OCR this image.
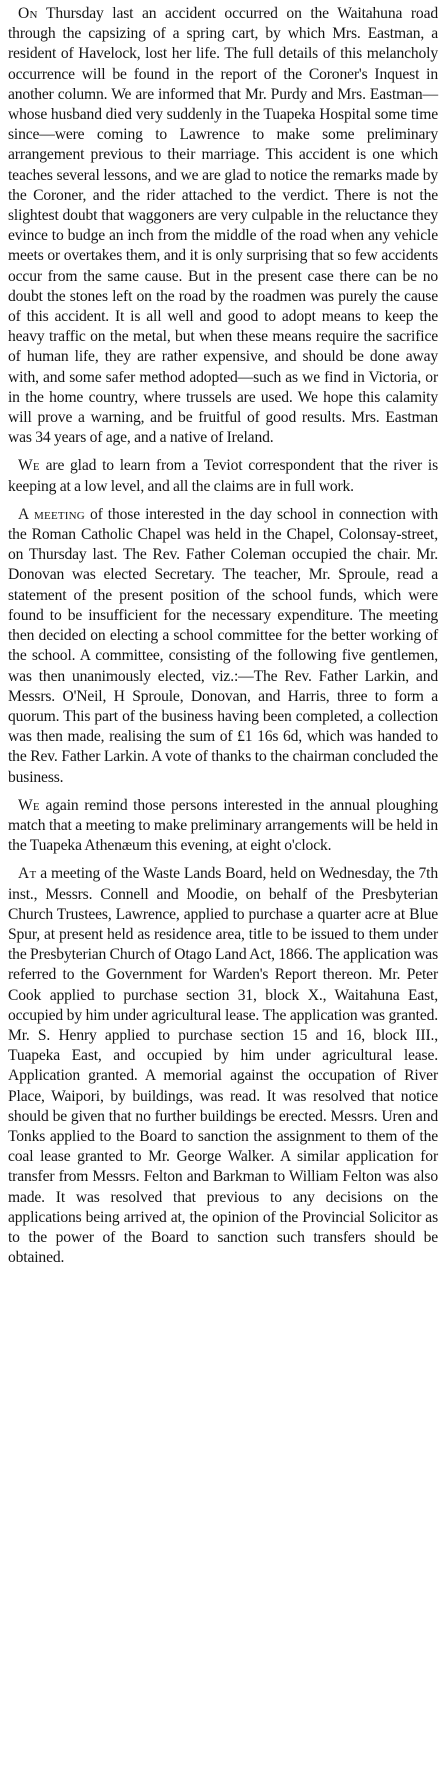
On Thursday last an accident occurred on the Waitahuna road through the capsizing of a spring cart, by which Mrs. Eastman, a resident of Havelock, lost her life. The full details of this melancholy occurrence will be found in the report of the Coroner's Inquest in another column. We are informed that Mr. Purdy and Mrs. Eastman—whose husband died very suddenly in the Tuapeka Hospital some time since—were coming to Lawrence to make some preliminary arrangement previous to their marriage. This accident is one which teaches several lessons, and we are glad to notice the remarks made by the Coroner, and the rider attached to the verdict. There is not the slightest doubt that waggoners are very culpable in the reluctance they evince to budge an inch from the middle of the road when any vehicle meets or overtakes them, and it is only surprising that so few accidents occur from the same cause. But in the present case there can be no doubt the stones left on the road by the roadmen was purely the cause of this accident. It is all well and good to adopt means to keep the heavy traffic on the metal, but when these means require the sacrifice of human life, they are rather expensive, and should be done away with, and some safer method adopted—such as we find in Victoria, or in the home country, where trussels are used. We hope this calamity will prove a warning, and be fruitful of good results. Mrs. Eastman was 34 years of age, and a native of Ireland.

We are glad to learn from a Teviot correspondent that the river is keeping at a low level, and all the claims are in full work.

A meeting of those interested in the day school in connection with the Roman Catholic Chapel was held in the Chapel, Colonsay-street, on Thursday last. The Rev. Father Coleman occupied the chair. Mr. Donovan was elected Secretary. The teacher, Mr. Sproule, read a statement of the present position of the school funds, which were found to be insufficient for the necessary expenditure. The meeting then decided on electing a school committee for the better working of the school. A committee, consisting of the following five gentlemen, was then unanimously elected, viz.:—The Rev. Father Larkin, and Messrs. O'Neil, H Sproule, Donovan, and Harris, three to form a quorum. This part of the business having been completed, a collection was then made, realising the sum of £1 16s 6d, which was handed to the Rev. Father Larkin. A vote of thanks to the chairman concluded the business.

We again remind those persons interested in the annual ploughing match that a meeting to make preliminary arrangements will be held in the Tuapeka Athenæum this evening, at eight o'clock.

At a meeting of the Waste Lands Board, held on Wednesday, the 7th inst., Messrs. Connell and Moodie, on behalf of the Presbyterian Church Trustees, Lawrence, applied to purchase a quarter acre at Blue Spur, at present held as residence area, title to be issued to them under the Presbyterian Church of Otago Land Act, 1866. The application was referred to the Government for Warden's Report thereon. Mr. Peter Cook applied to purchase section 31, block X., Waitahuna East, occupied by him under agricultural lease. The application was granted. Mr. S. Henry applied to purchase section 15 and 16, block III., Tuapeka East, and occupied by him under agricultural lease. Application granted. A memorial against the occupation of River Place, Waipori, by buildings, was read. It was resolved that notice should be given that no further buildings be erected. Messrs. Uren and Tonks applied to the Board to sanction the assignment to them of the coal lease granted to Mr. George Walker. A similar application for transfer from Messrs. Felton and Barkman to William Felton was also made. It was resolved that previous to any decisions on the applications being arrived at, the opinion of the Provincial Solicitor as to the power of the Board to sanction such transfers should be obtained.
